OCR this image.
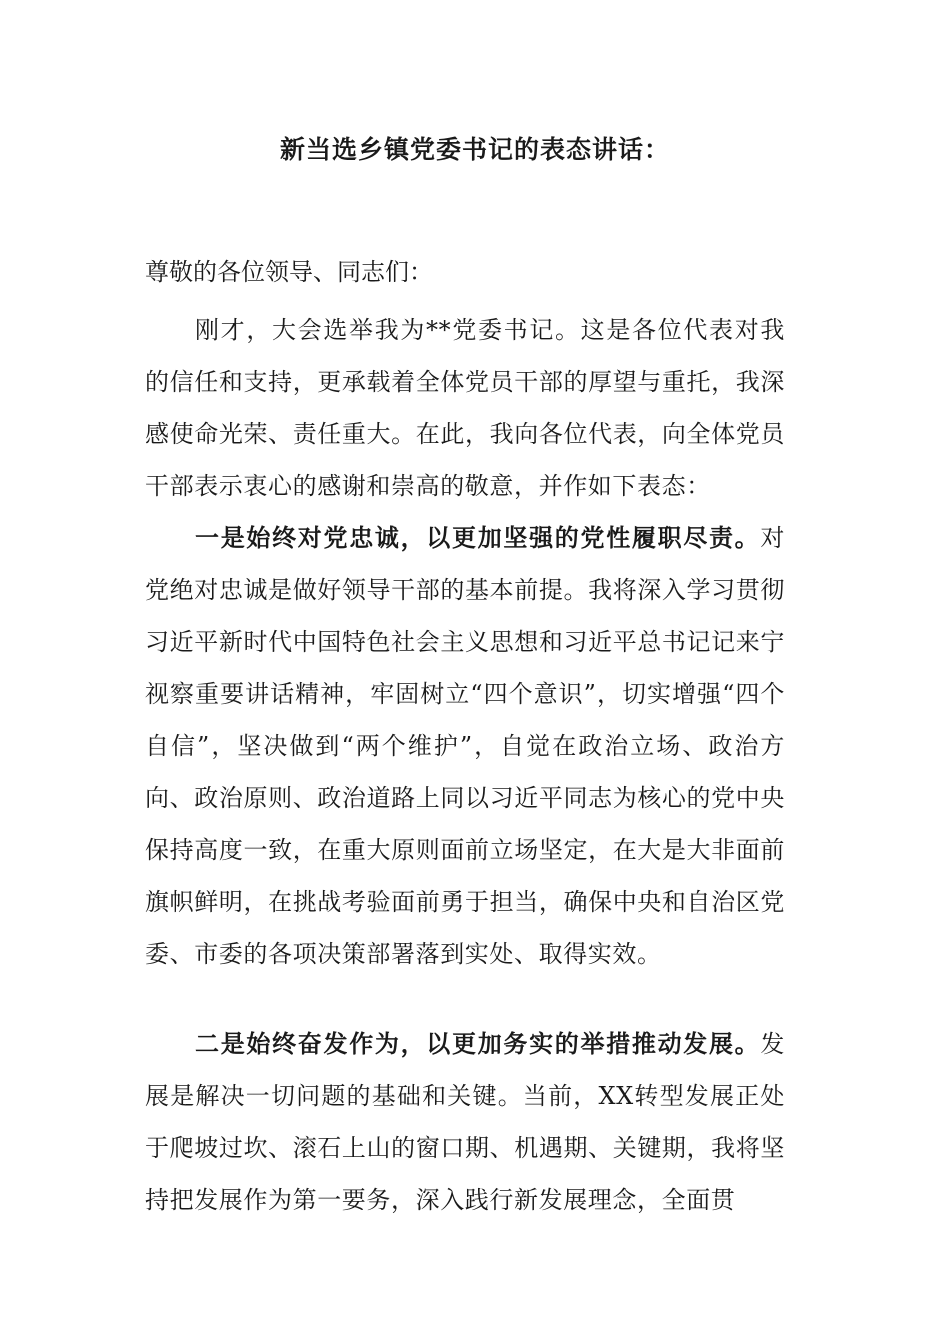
新当选乡镇党委书记的表态讲话：
尊敬的各位领导、同志们：

刚才，大会选举我为**党委书记。这是各位代表对我的信任和支持，更承载着全体党员干部的厚望与重托，我深感使命光荣、责任重大。在此，我向各位代表，向全体党员干部表示衷心的感谢和崇高的敬意，并作如下表态：

一是始终对党忠诚，以更加坚强的党性履职尽责。对党绝对忠诚是做好领导干部的基本前提。我将深入学习贯彻习近平新时代中国特色社会主义思想和习近平总书记记来宁视察重要讲话精神，牢固树立“四个意识”，切实增强“四个自信”，坚决做到“两个维护”，自觉在政治立场、政治方向、政治原则、政治道路上同以习近平同志为核心的党中央保持高度一致，在重大原则面前立场坚定，在大是大非面前旗帜鲜明，在挑战考验面前勇于担当，确保中央和自治区党委、市委的各项决策部署落到实处、取得实效。

二是始终奋发作为，以更加务实的举措推动发展。发展是解决一切问题的基础和关键。当前，XX转型发展正处于爬坡过坎、滚石上山的窗口期、机遇期、关键期，我将坚持把发展作为第一要务，深入践行新发展理念，全面贯
